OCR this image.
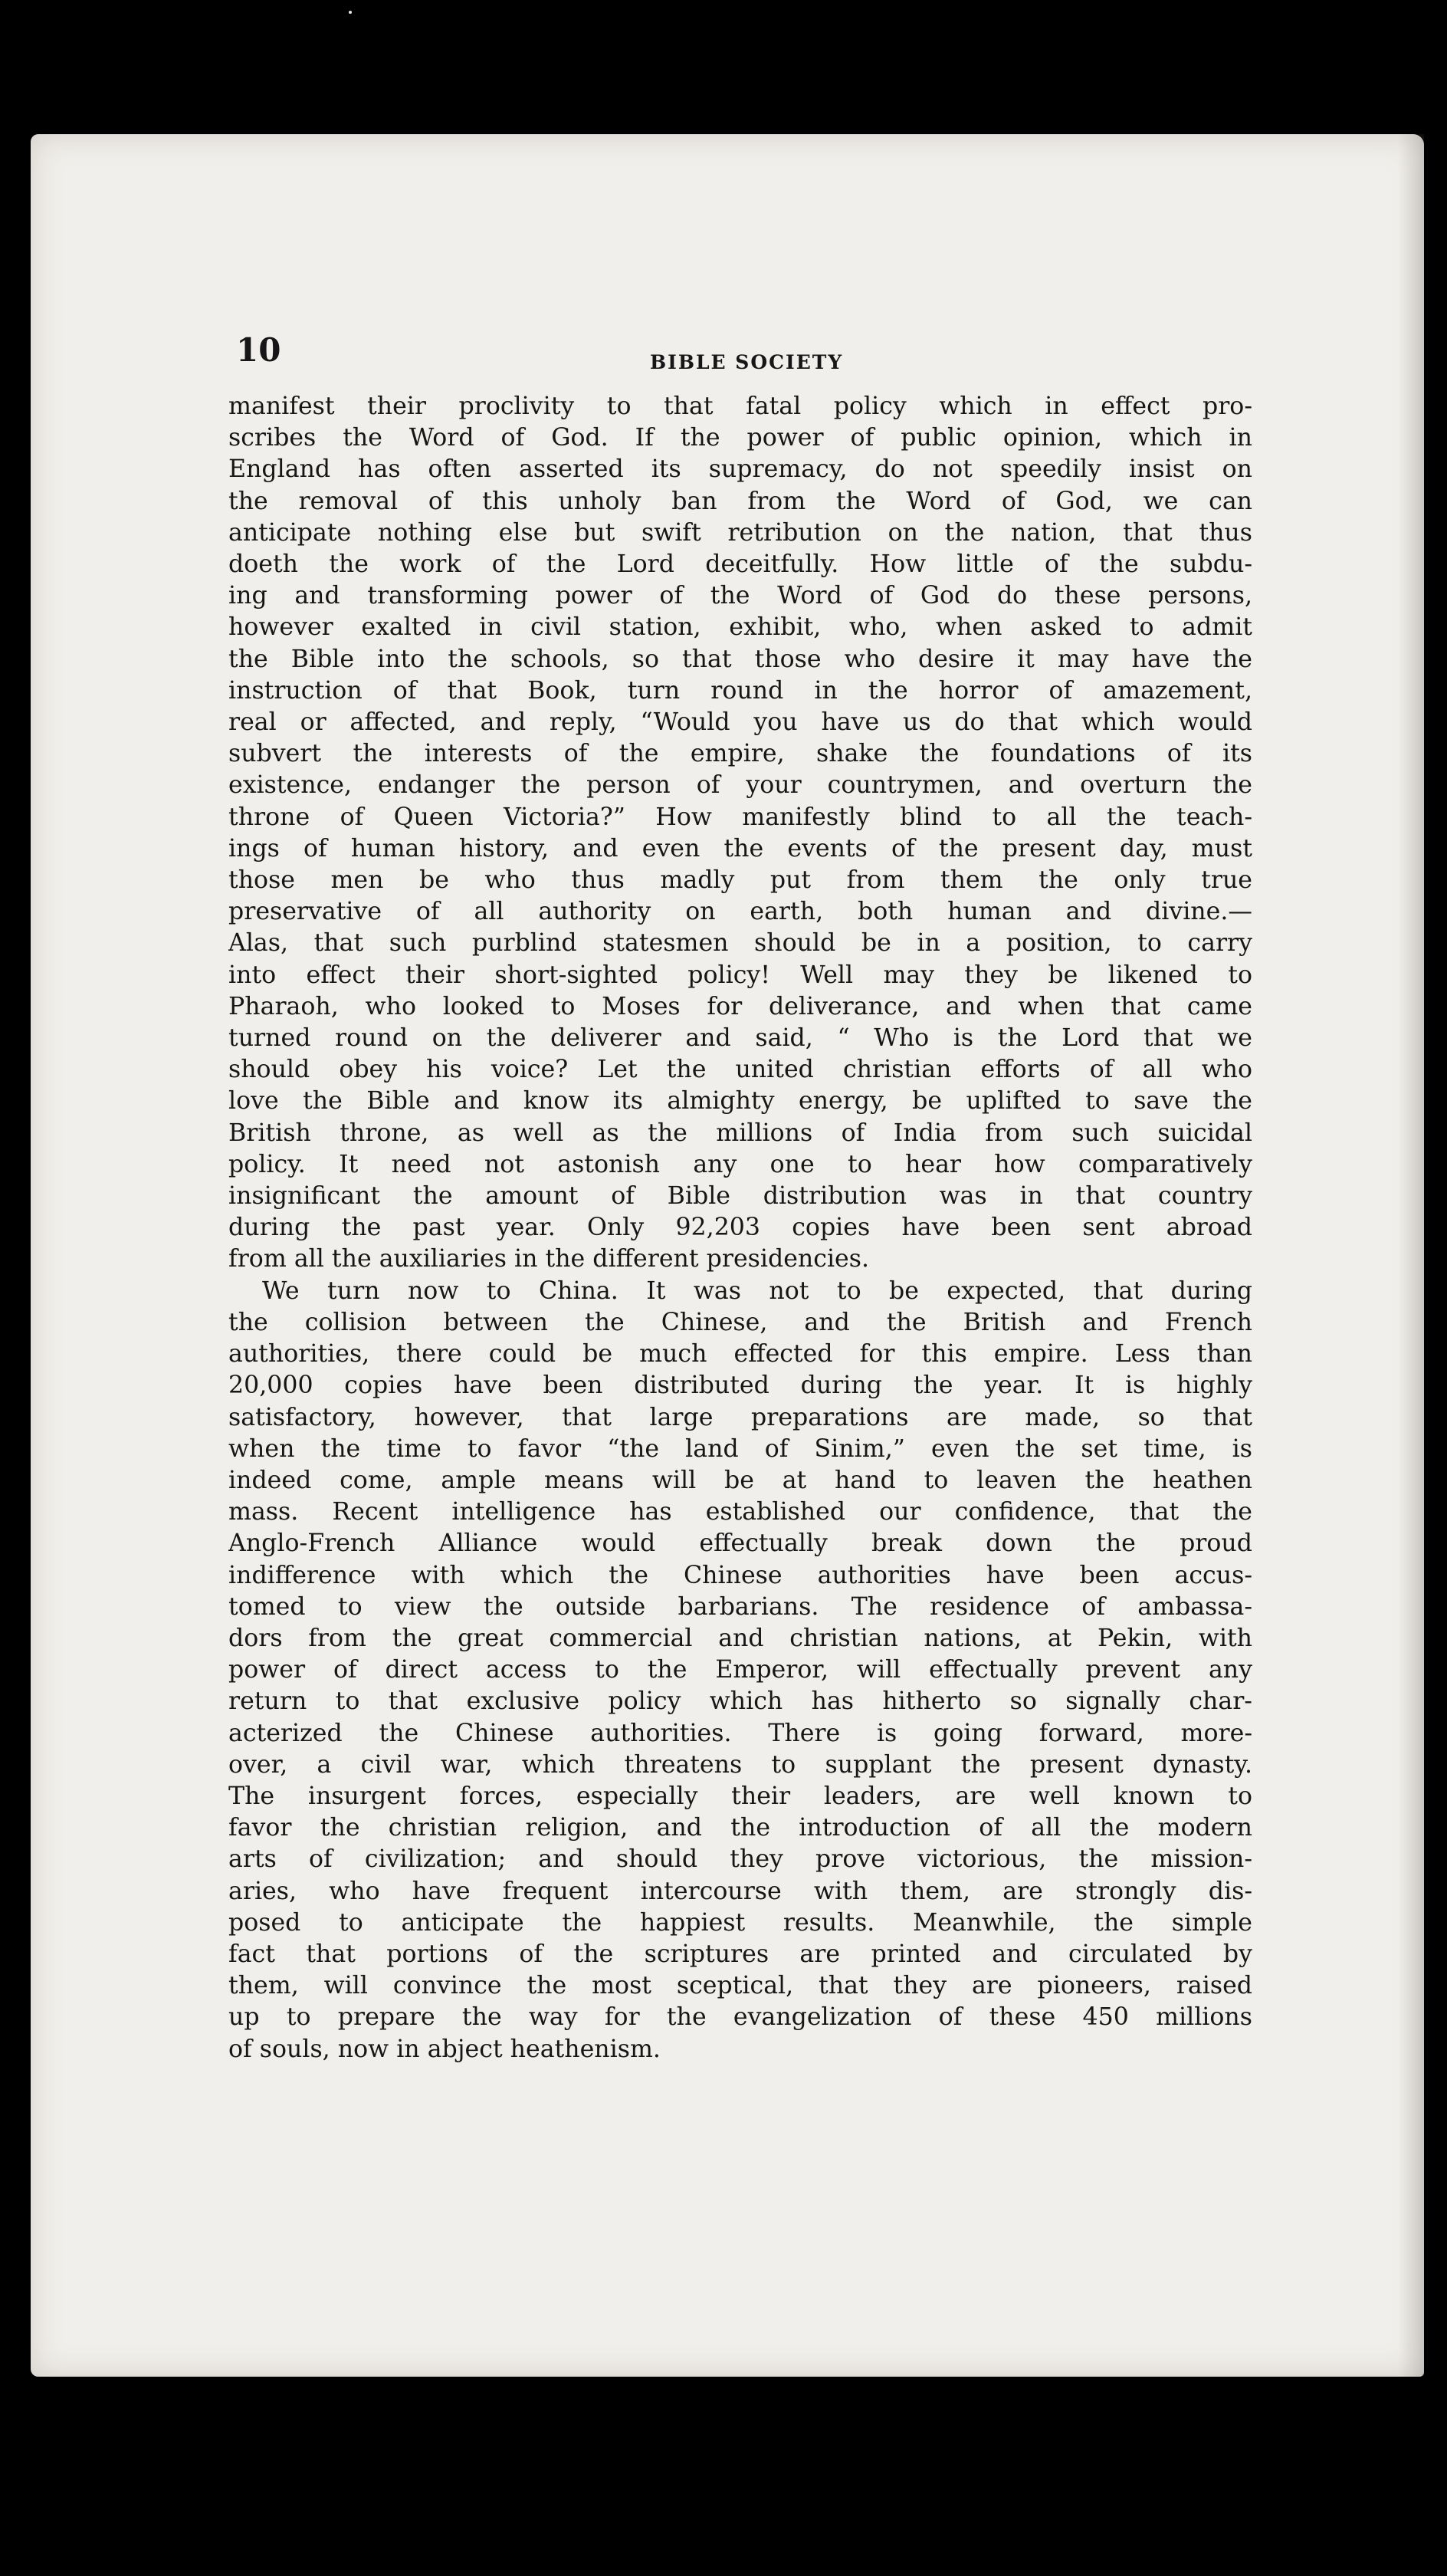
10	BIBLE SOCIETY
manifest their proclivity to that fatal policy which in effect pro-
scribes the Word of God. If the power of public opinion, which in
England has often asserted its supremacy, do not speedily insist on
the removal of this unholy ban from the Word of God, we can
anticipate nothing else but swift retribution on the nation, that thus
doeth the work of the Lord deceitfully. How little of the subdu-
ing and transforming power of the Word of God do these persons,
however exalted in civil station, exhibit, who, when asked to admit
the Bible into the schools, so that those who desire it may have the
instruction of that Book, turn round in the horror of amazement,
real or affected, and reply, “Would you have us do that which would
subvert the interests of the empire, shake the foundations of its
existence, endanger the person of your countrymen, and overturn the
throne of Queen Victoria?” How manifestly blind to all the teach-
ings of human history, and even the events of the present day, must
those men be who thus madly put from them the only true
preservative of all authority on earth, both human and divine.—
Alas, that such purblind statesmen should be in a position, to carry
into effect their short-sighted policy! Well may they be likened to
Pharaoh, who looked to Moses for deliverance, and when that came
turned round on the deliverer and said, “ Who is the Lord that we
should obey his voice? Let the united christian efforts of all who
love the Bible and know its almighty energy, be uplifted to save the
British throne, as well as the millions of India from such suicidal
policy. It need not astonish any one to hear how comparatively
insignificant the amount of Bible distribution was in that country
during the past year. Only 92,203 copies have been sent abroad
from all the auxiliaries in the different presidencies.
We turn now to China. It was not to be expected, that during
the collision between the Chinese, and the British and French
authorities, there could be much effected for this empire. Less than
20,000 copies have been distributed during the year. It is highly
satisfactory, however, that large preparations are made, so that
when the time to favor “the land of Sinim,” even the set time, is
indeed come, ample means will be at hand to leaven the heathen
mass. Recent intelligence has established our confidence, that the
Anglo-French Alliance would effectually break down the proud
indifference with which the Chinese authorities have been accus-
tomed to view the outside barbarians. The residence of ambassa-
dors from the great commercial and christian nations, at Pekin, with
power of direct access to the Emperor, will effectually prevent any
return to that exclusive policy which has hitherto so signally char-
acterized the Chinese authorities. There is going forward, more-
over, a civil war, which threatens to supplant the present dynasty.
The insurgent forces, especially their leaders, are well known to
favor the christian religion, and the introduction of all the modern
arts of civilization; and should they prove victorious, the mission-
aries, who have frequent intercourse with them, are strongly dis-
posed to anticipate the happiest results. Meanwhile, the simple
fact that portions of the scriptures are printed and circulated by
them, will convince the most sceptical, that they are pioneers, raised
up to prepare the way for the evangelization of these 450 millions
of souls, now in abject heathenism.
